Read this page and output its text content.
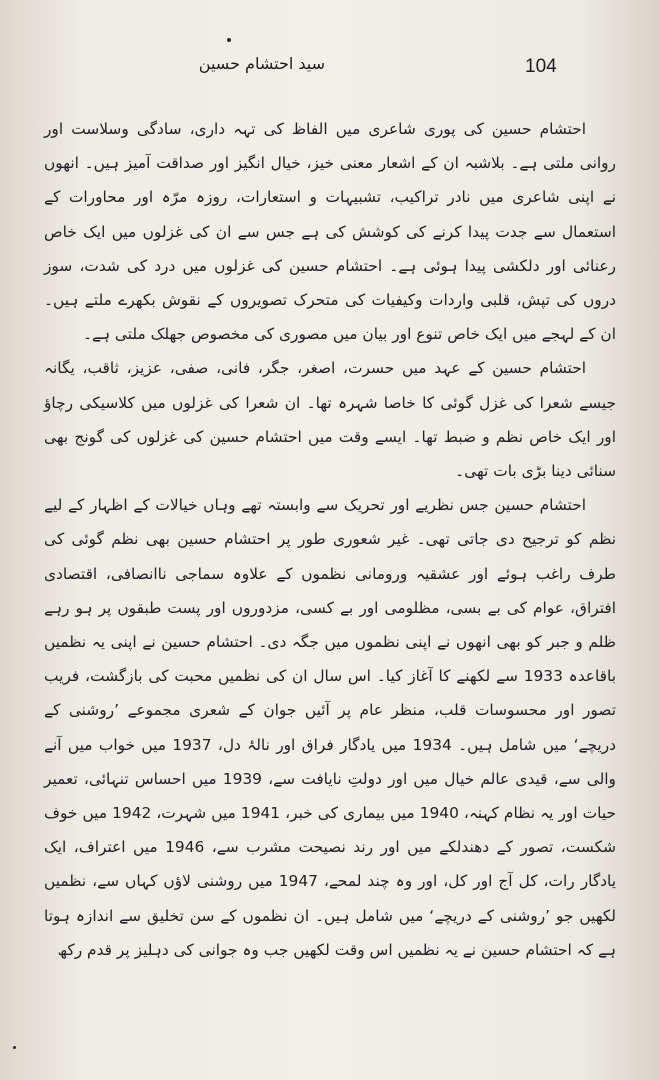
104
سید احتشام حسین

احتشام حسین کی پوری شاعری میں الفاظ کی تہہ داری، سادگی وسلاست اور روانی ملتی ہے۔ بلاشبہ ان کے اشعار معنی خیز، خیال انگیز اور صداقت آمیز ہیں۔ انھوں نے اپنی شاعری میں نادر تراکیب، تشبیہات و استعارات، روزہ مرّہ اور محاورات کے استعمال سے جدت پیدا کرنے کی کوشش کی ہے جس سے ان کی غزلوں میں ایک خاص رعنائی اور دلکشی پیدا ہوئی ہے۔ احتشام حسین کی غزلوں میں درد کی شدت، سوز دروں کی تپش، قلبی واردات وکیفیات کی متحرک تصویروں کے نقوش بکھرے ملتے ہیں۔ ان کے لہجے میں ایک خاص تنوع اور بیان میں مصوری کی مخصوص جھلک ملتی ہے۔

احتشام حسین کے عہد میں حسرت، اصغر، جگر، فانی، صفی، عزیز، ثاقب، یگانہ جیسے شعرا کی غزل گوئی کا خاصا شہرہ تھا۔ ان شعرا کی غزلوں میں کلاسیکی رچاؤ اور ایک خاص نظم و ضبط تھا۔ ایسے وقت میں احتشام حسین کی غزلوں کی گونج بھی سنائی دینا بڑی بات تھی۔

احتشام حسین جس نظریے اور تحریک سے وابستہ تھے وہاں خیالات کے اظہار کے لیے نظم کو ترجیح دی جاتی تھی۔ غیر شعوری طور پر احتشام حسین بھی نظم گوئی کی طرف راغب ہوئے اور عشقیہ ورومانی نظموں کے علاوہ سماجی ناانصافی، اقتصادی افتراق، عوام کی بے بسی، مظلومی اور بے کسی، مزدوروں اور پست طبقوں پر ہو رہے ظلم و جبر کو بھی انھوں نے اپنی نظموں میں جگہ دی۔ احتشام حسین نے اپنی یہ نظمیں باقاعدہ 1933 سے لکھنے کا آغاز کیا۔ اس سال ان کی نظمیں محبت کی بازگشت، فریب تصور اور محسوسات قلب، منظر عام پر آئیں جوان کے شعری مجموعے ’روشنی کے دریچے‘ میں شامل ہیں۔ 1934 میں یادگار فراق اور نالۂ دل، 1937 میں خواب میں آنے والی سے، قیدی عالم خیال میں اور دولتِ نایافت سے، 1939 میں احساس تنہائی، تعمیر حیات اور یہ نظام کہنہ، 1940 میں بیماری کی خبر، 1941 میں شہرت، 1942 میں خوف شکست، تصور کے دھندلکے میں اور رند نصیحت مشرب سے، 1946 میں اعتراف، ایک یادگار رات، کل آج اور کل، اور وہ چند لمحے، 1947 میں روشنی لاؤں کہاں سے، نظمیں لکھیں جو ’روشنی کے دریچے‘ میں شامل ہیں۔ ان نظموں کے سن تخلیق سے اندازہ ہوتا ہے کہ احتشام حسین نے یہ نظمیں اس وقت لکھیں جب وہ جوانی کی دہلیز پر قدم رکھ
